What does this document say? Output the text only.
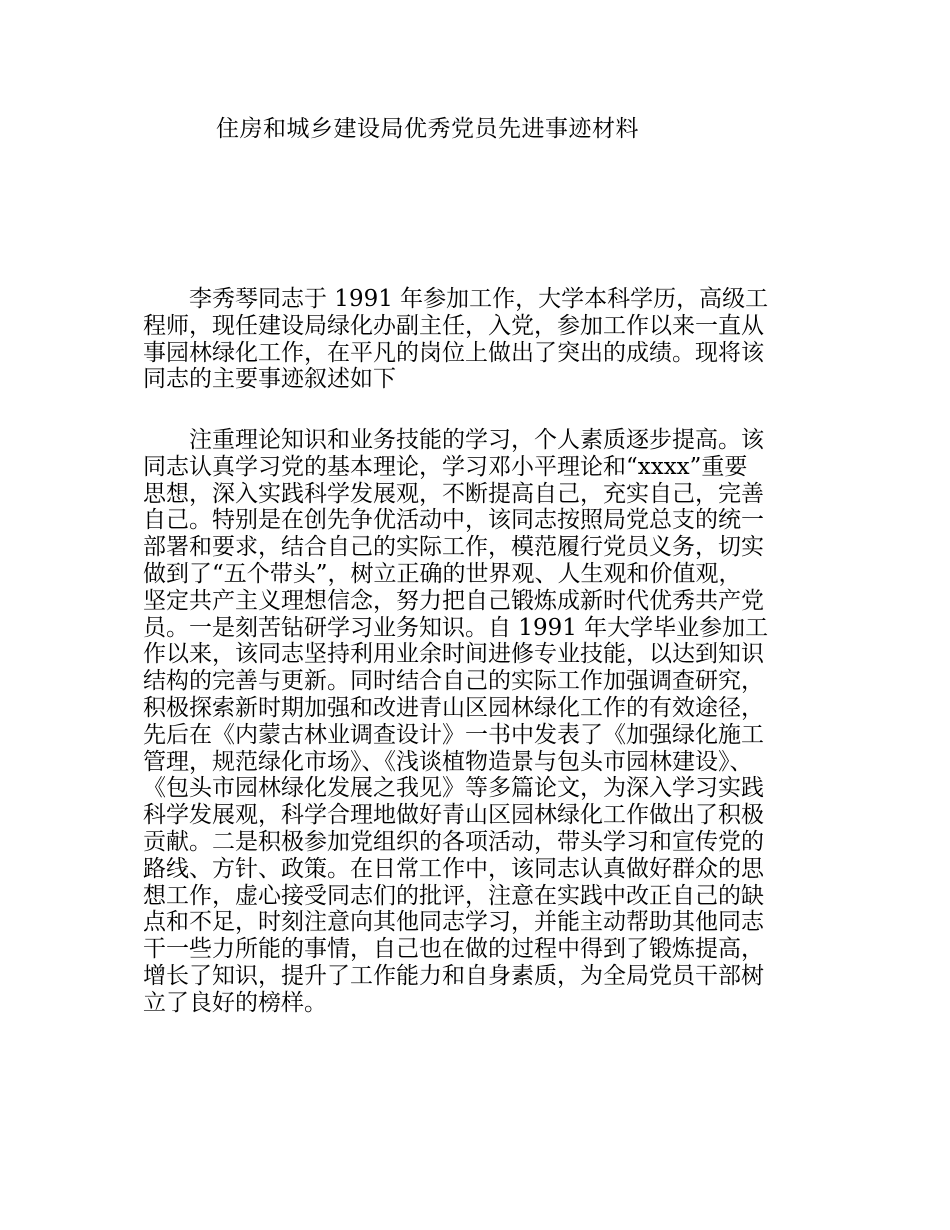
住房和城乡建设局优秀党员先进事迹材料
　　李秀琴同志于 1991 年参加工作，大学本科学历，高级工
程师，现任建设局绿化办副主任，入党，参加工作以来一直从
事园林绿化工作，在平凡的岗位上做出了突出的成绩。现将该
同志的主要事迹叙述如下
　　注重理论知识和业务技能的学习，个人素质逐步提高。该
同志认真学习党的基本理论，学习邓小平理论和“xxxx”重要
思想，深入实践科学发展观，不断提高自己，充实自己，完善
自己。特别是在创先争优活动中，该同志按照局党总支的统一
部署和要求，结合自己的实际工作，模范履行党员义务，切实
做到了“五个带头”，树立正确的世界观、人生观和价值观，
坚定共产主义理想信念，努力把自己锻炼成新时代优秀共产党
员。一是刻苦钻研学习业务知识。自 1991 年大学毕业参加工
作以来，该同志坚持利用业余时间进修专业技能，以达到知识
结构的完善与更新。同时结合自己的实际工作加强调查研究，
积极探索新时期加强和改进青山区园林绿化工作的有效途径，
先后在《内蒙古林业调查设计》一书中发表了《加强绿化施工
管理，规范绿化市场》、《浅谈植物造景与包头市园林建设》、
《包头市园林绿化发展之我见》等多篇论文，为深入学习实践
科学发展观，科学合理地做好青山区园林绿化工作做出了积极
贡献。二是积极参加党组织的各项活动，带头学习和宣传党的
路线、方针、政策。在日常工作中，该同志认真做好群众的思
想工作，虚心接受同志们的批评，注意在实践中改正自己的缺
点和不足，时刻注意向其他同志学习，并能主动帮助其他同志
干一些力所能的事情，自己也在做的过程中得到了锻炼提高，
增长了知识，提升了工作能力和自身素质，为全局党员干部树
立了良好的榜样。
